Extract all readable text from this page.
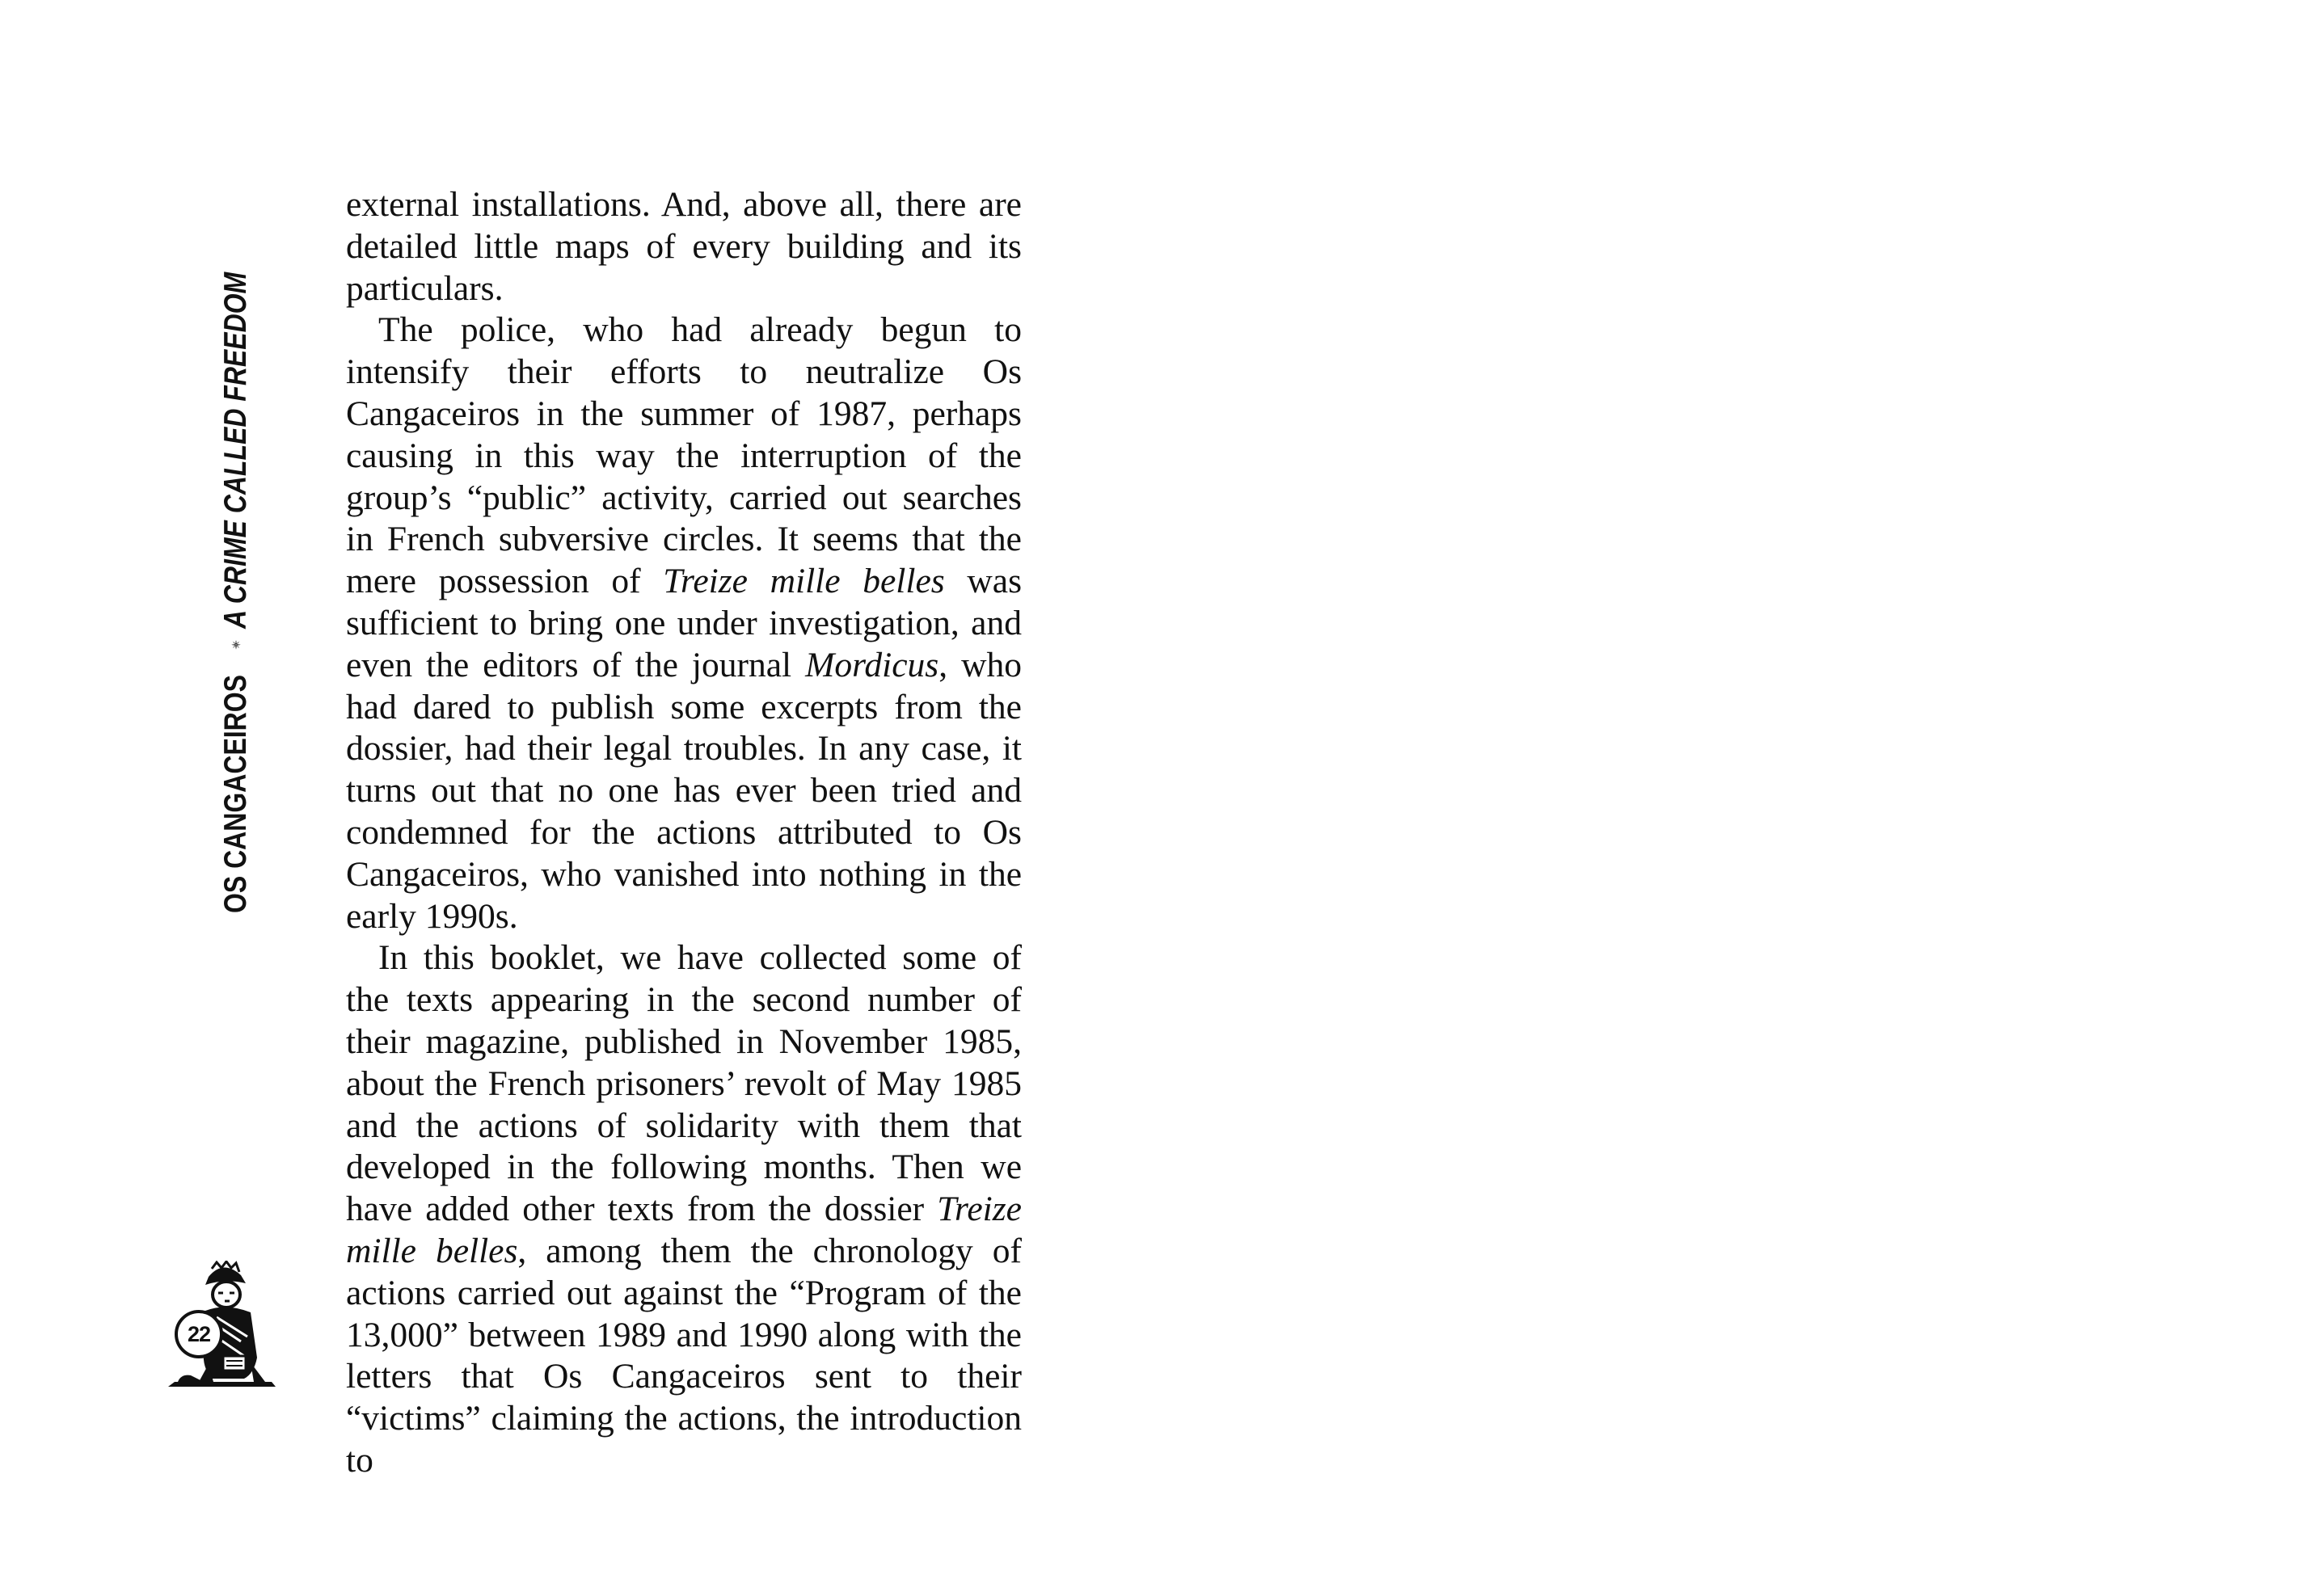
OS CANGACEIROS
A CRIME CALLED FREEDOM

external installations. And, above all, there are detailed little maps of every building and its particulars.

The police, who had already begun to intensify their efforts to neutralize Os Cangaceiros in the summer of 1987, perhaps causing in this way the interruption of the group’s “public” activity, carried out searches in French subversive circles. It seems that the mere possession of Treize mille belles was sufficient to bring one under investigation, and even the editors of the journal Mordicus, who had dared to publish some excerpts from the dossier, had their legal troubles. In any case, it turns out that no one has ever been tried and condemned for the actions attributed to Os Cangaceiros, who vanished into nothing in the early 1990s.

In this booklet, we have collected some of the texts appearing in the second number of their magazine, published in November 1985, about the French prisoners’ revolt of May 1985 and the actions of solidarity with them that developed in the following months. Then we have added other texts from the dossier Treize mille belles, among them the chronology of actions carried out against the “Program of the 13,000” between 1989 and 1990 along with the letters that Os Cangaceiros sent to their “victims” claiming the actions, the introduction to

22
